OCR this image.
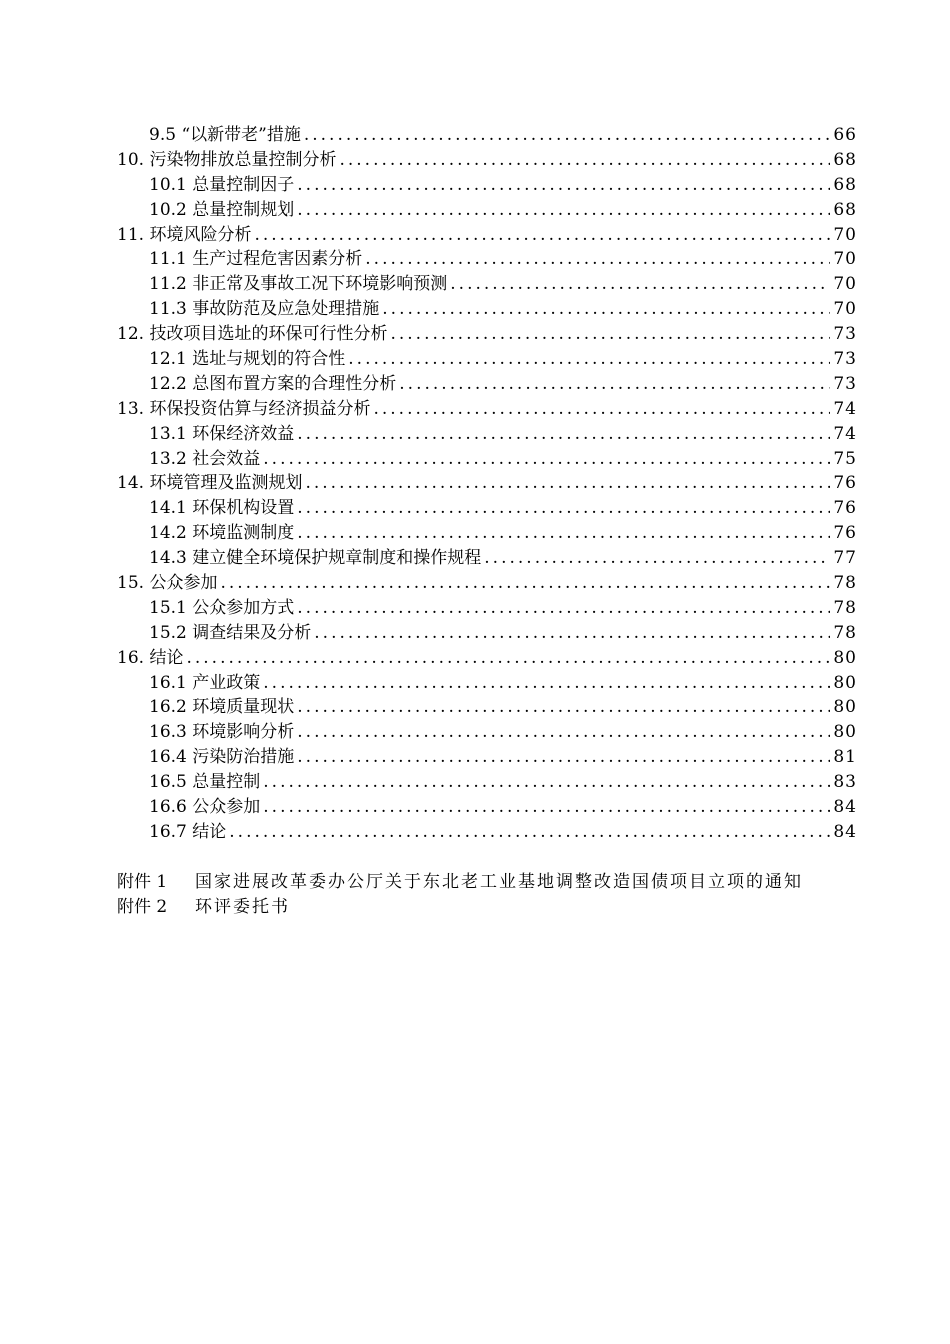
9.5 “以新带老”措施 .....	66
10. 污染物排放总量控制分析 .....	68
10.1 总量控制因子 .....	68
10.2 总量控制规划 .....	68
11. 环境风险分析 .....	70
11.1 生产过程危害因素分析 .....	70
11.2 非正常及事故工况下环境影响预测 .....	70
11.3 事故防范及应急处理措施 .....	70
12. 技改项目选址的环保可行性分析 .....	73
12.1 选址与规划的符合性 .....	73
12.2 总图布置方案的合理性分析 .....	73
13. 环保投资估算与经济损益分析 .....	74
13.1 环保经济效益 .....	74
13.2 社会效益 .....	75
14. 环境管理及监测规划 .....	76
14.1 环保机构设置 .....	76
14.2 环境监测制度 .....	76
14.3 建立健全环境保护规章制度和操作规程 .....	77
15. 公众参加 .....	78
15.1 公众参加方式 .....	78
15.2 调查结果及分析 .....	78
16. 结论 .....	80
16.1 产业政策 .....	80
16.2 环境质量现状 .....	80
16.3 环境影响分析 .....	80
16.4 污染防治措施 .....	81
16.5 总量控制 .....	83
16.6 公众参加 .....	84
16.7 结论 .....	84
附件 1	国家进展改革委办公厅关于东北老工业基地调整改造国债项目立项的通知
附件 2	环评委托书
